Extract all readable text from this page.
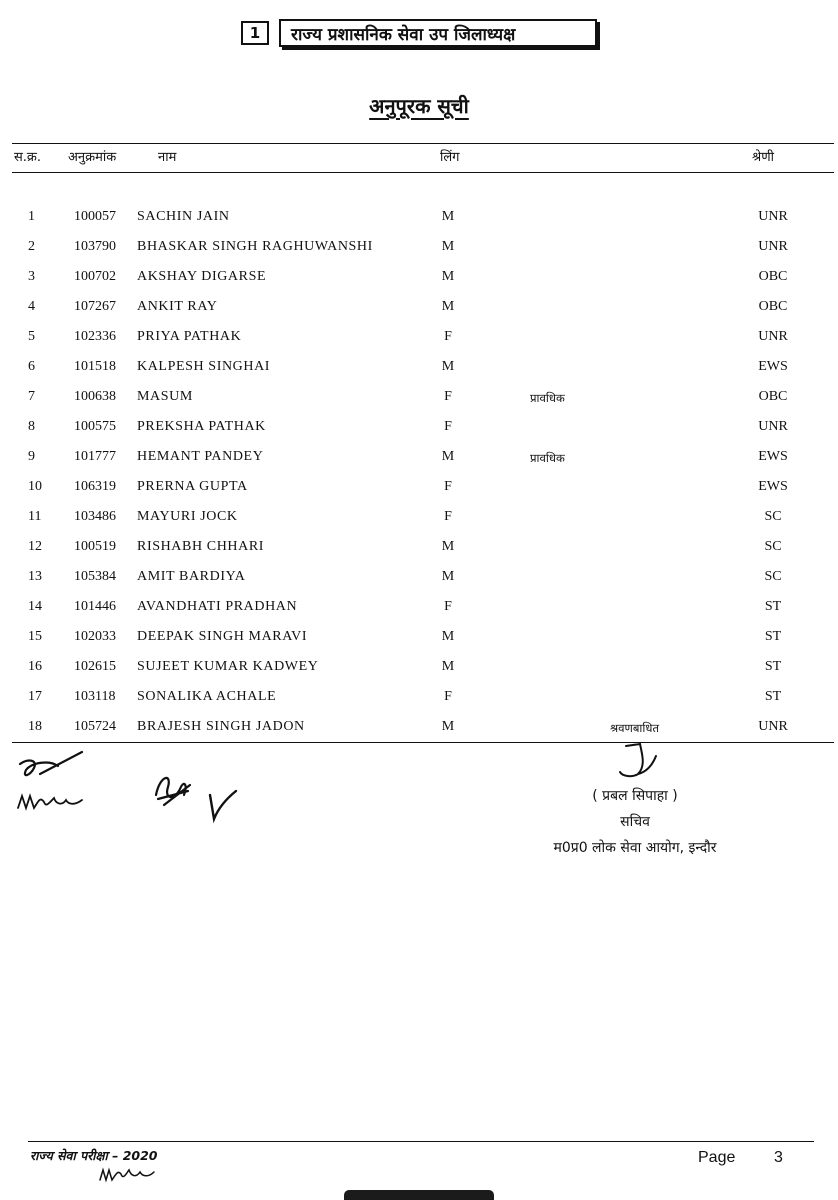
1	राज्य प्रशासनिक सेवा उप जिलाध्यक्ष
अनुपूरक सूची
स.क्र. अनुक्रमांक	नाम	लिंग	श्रेणी
1	100057 SACHIN JAIN	M	UNR
2	103790 BHASKAR SINGH RAGHUWANSHI	M	UNR
3	100702 AKSHAY DIGARSE	M	OBC
4	107267 ANKIT RAY	M	OBC
5	102336 PRIYA PATHAK	F	UNR
6	101518 KALPESH SINGHAI	M	EWS
7	100638 MASUM	F	प्रावधिक	OBC
8	100575 PREKSHA PATHAK	F	UNR
9	101777 HEMANT PANDEY	M	प्रावधिक	EWS
10	106319 PRERNA GUPTA	F	EWS
11	103486 MAYURI JOCK	F	SC
12	100519 RISHABH CHHARI	M	SC
13	105384 AMIT BARDIYA	M	SC
14	101446 AVANDHATI PRADHAN	F	ST
15	102033 DEEPAK SINGH MARAVI	M	ST
16	102615 SUJEET KUMAR KADWEY	M	ST
17	103118 SONALIKA ACHALE	F	ST
18	105724 BRAJESH SINGH JADON	M	श्रवणबाधित	UNR
( प्रबल सिपाहा )
सचिव
म0प्र0 लोक सेवा आयोग, इन्दौर
राज्य सेवा परीक्षा – 2020	Page 3
